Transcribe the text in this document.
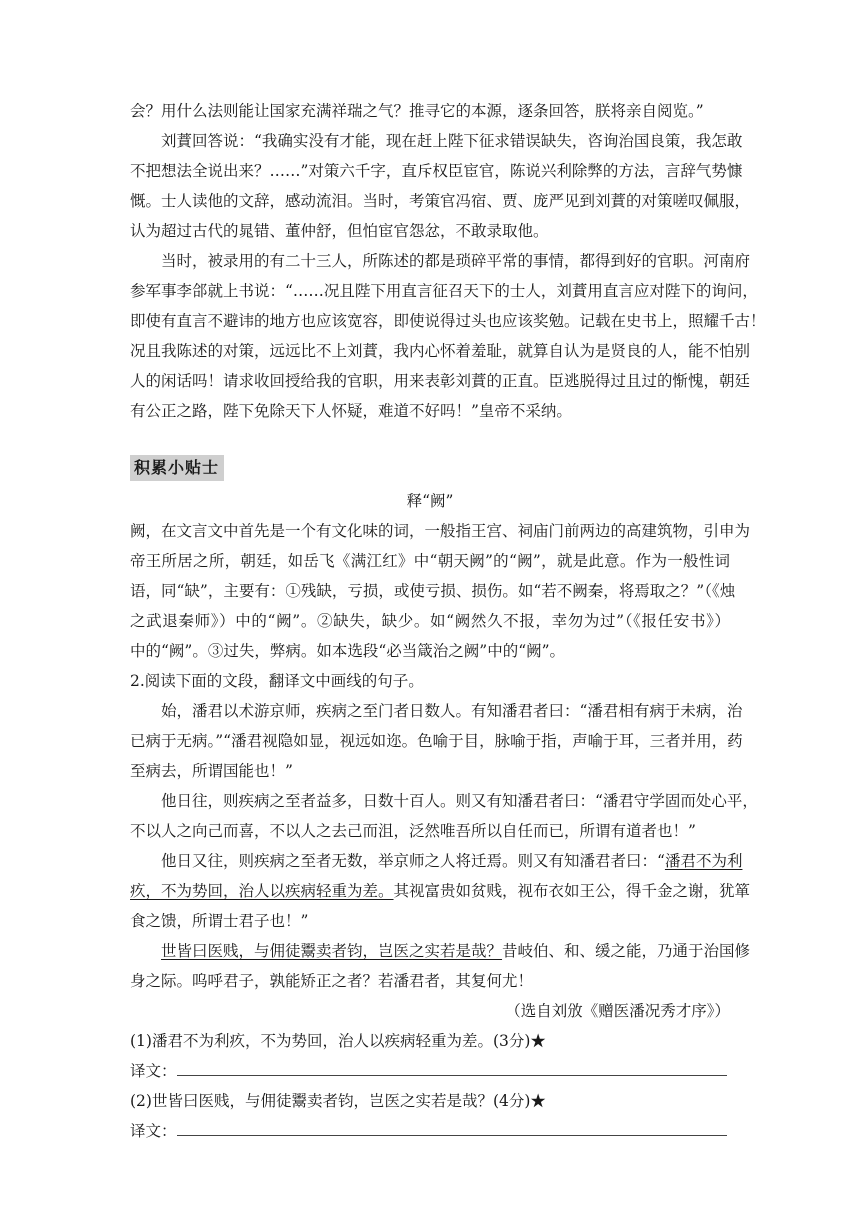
会？用什么法则能让国家充满祥瑞之气？推寻它的本源，逐条回答，朕将亲自阅览。”
　　刘蕡回答说：“我确实没有才能，现在赶上陛下征求错误缺失，咨询治国良策，我怎敢
不把想法全说出来？……”对策六千字，直斥权臣宦官，陈说兴利除弊的方法，言辞气势慷
慨。士人读他的文辞，感动流泪。当时，考策官冯宿、贾、庞严见到刘蕡的对策嗟叹佩服，
认为超过古代的晁错、董仲舒，但怕宦官怨忿，不敢录取他。
　　当时，被录用的有二十三人，所陈述的都是琐碎平常的事情，都得到好的官职。河南府
参军事李郃就上书说：“……况且陛下用直言征召天下的士人，刘蕡用直言应对陛下的询问，
即使有直言不避讳的地方也应该宽容，即使说得过头也应该奖勉。记载在史书上，照耀千古！
况且我陈述的对策，远远比不上刘蕡，我内心怀着羞耻，就算自认为是贤良的人，能不怕别
人的闲话吗！请求收回授给我的官职，用来表彰刘蕡的正直。臣逃脱得过且过的惭愧，朝廷
有公正之路，陛下免除天下人怀疑，难道不好吗！”皇帝不采纳。
积累小贴士
释“阙”
阙，在文言文中首先是一个有文化味的词，一般指王宫、祠庙门前两边的高建筑物，引申为
帝王所居之所，朝廷，如岳飞《满江红》中“朝天阙”的“阙”，就是此意。作为一般性词
语，同“缺”，主要有：①残缺，亏损，或使亏损、损伤。如“若不阙秦，将焉取之？”（《烛
之武退秦师》）中的“阙”。②缺失，缺少。如“阙然久不报，幸勿为过”（《报任安书》）
中的“阙”。③过失，弊病。如本选段“必当箴治之阙”中的“阙”。
2.阅读下面的文段，翻译文中画线的句子。
　　始，潘君以术游京师，疾病之至门者日数人。有知潘君者曰：“潘君相有病于未病，治
已病于无病。”“潘君视隐如显，视远如迩。色喻于目，脉喻于指，声喻于耳，三者并用，药
至病去，所谓国能也！”
　　他日往，则疾病之至者益多，日数十百人。则又有知潘君者曰：“潘君守学固而处心平，
不以人之向己而喜，不以人之去己而沮，泛然唯吾所以自任而已，所谓有道者也！”
　　他日又往，则疾病之至者无数，举京师之人将迁焉。则又有知潘君者曰：“潘君不为利
疚，不为势回，治人以疾病轻重为差。其视富贵如贫贱，视布衣如王公，得千金之谢，犹箪
食之馈，所谓士君子也！”
　　世皆曰医贱，与佣徒鬻卖者钧，岂医之实若是哉？昔岐伯、和、缓之能，乃通于治国修
身之际。呜呼君子，孰能矫正之者？若潘君者，其复何尤！
（选自刘攽《赠医潘况秀才序》）
(1)潘君不为利疚，不为势回，治人以疾病轻重为差。(3分)★
译文：
(2)世皆曰医贱，与佣徒鬻卖者钧，岂医之实若是哉？(4分)★
译文：
